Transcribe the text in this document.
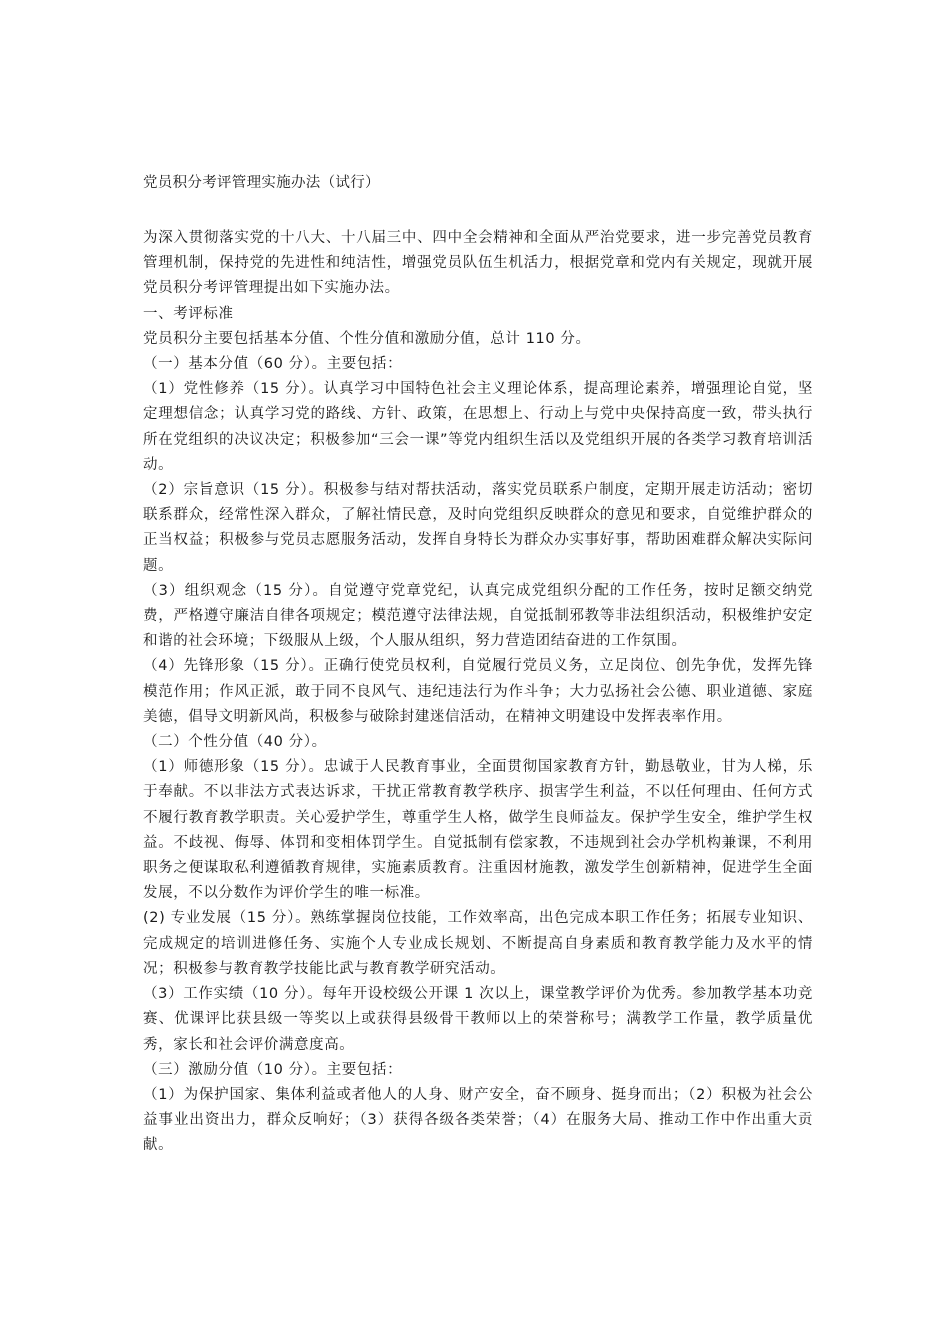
党员积分考评管理实施办法（试行）

为深入贯彻落实党的十八大、十八届三中、四中全会精神和全面从严治党要求，进一步完善党员教育管理机制，保持党的先进性和纯洁性，增强党员队伍生机活力，根据党章和党内有关规定，现就开展党员积分考评管理提出如下实施办法。

一、考评标准

党员积分主要包括基本分值、个性分值和激励分值，总计 110 分。

（一）基本分值（60 分）。主要包括：

（1）党性修养（15 分）。认真学习中国特色社会主义理论体系，提高理论素养，增强理论自觉，坚定理想信念；认真学习党的路线、方针、政策，在思想上、行动上与党中央保持高度一致，带头执行所在党组织的决议决定；积极参加“三会一课”等党内组织生活以及党组织开展的各类学习教育培训活动。

（2）宗旨意识（15 分）。积极参与结对帮扶活动，落实党员联系户制度，定期开展走访活动；密切联系群众，经常性深入群众，了解社情民意，及时向党组织反映群众的意见和要求，自觉维护群众的正当权益；积极参与党员志愿服务活动，发挥自身特长为群众办实事好事，帮助困难群众解决实际问题。

（3）组织观念（15 分）。自觉遵守党章党纪，认真完成党组织分配的工作任务，按时足额交纳党费，严格遵守廉洁自律各项规定；模范遵守法律法规，自觉抵制邪教等非法组织活动，积极维护安定和谐的社会环境；下级服从上级，个人服从组织，努力营造团结奋进的工作氛围。

（4）先锋形象（15 分）。正确行使党员权利，自觉履行党员义务，立足岗位、创先争优，发挥先锋模范作用；作风正派，敢于同不良风气、违纪违法行为作斗争；大力弘扬社会公德、职业道德、家庭美德，倡导文明新风尚，积极参与破除封建迷信活动，在精神文明建设中发挥表率作用。

（二）个性分值（40 分）。

（1）师德形象（15 分）。忠诚于人民教育事业，全面贯彻国家教育方针，勤恳敬业，甘为人梯，乐于奉献。不以非法方式表达诉求，干扰正常教育教学秩序、损害学生利益，不以任何理由、任何方式不履行教育教学职责。关心爱护学生，尊重学生人格，做学生良师益友。保护学生安全，维护学生权益。不歧视、侮辱、体罚和变相体罚学生。自觉抵制有偿家教，不违规到社会办学机构兼课，不利用职务之便谋取私利遵循教育规律，实施素质教育。注重因材施教，激发学生创新精神，促进学生全面发展，不以分数作为评价学生的唯一标准。

(2) 专业发展（15 分）。熟练掌握岗位技能，工作效率高，出色完成本职工作任务；拓展专业知识、完成规定的培训进修任务、实施个人专业成长规划、不断提高自身素质和教育教学能力及水平的情况；积极参与教育教学技能比武与教育教学研究活动。

（3）工作实绩（10 分）。每年开设校级公开课 1 次以上，课堂教学评价为优秀。参加教学基本功竞赛、优课评比获县级一等奖以上或获得县级骨干教师以上的荣誉称号；满教学工作量，教学质量优秀，家长和社会评价满意度高。

（三）激励分值（10 分）。主要包括：

（1）为保护国家、集体利益或者他人的人身、财产安全，奋不顾身、挺身而出；（2）积极为社会公益事业出资出力，群众反响好；（3）获得各级各类荣誉；（4）在服务大局、推动工作中作出重大贡献。
